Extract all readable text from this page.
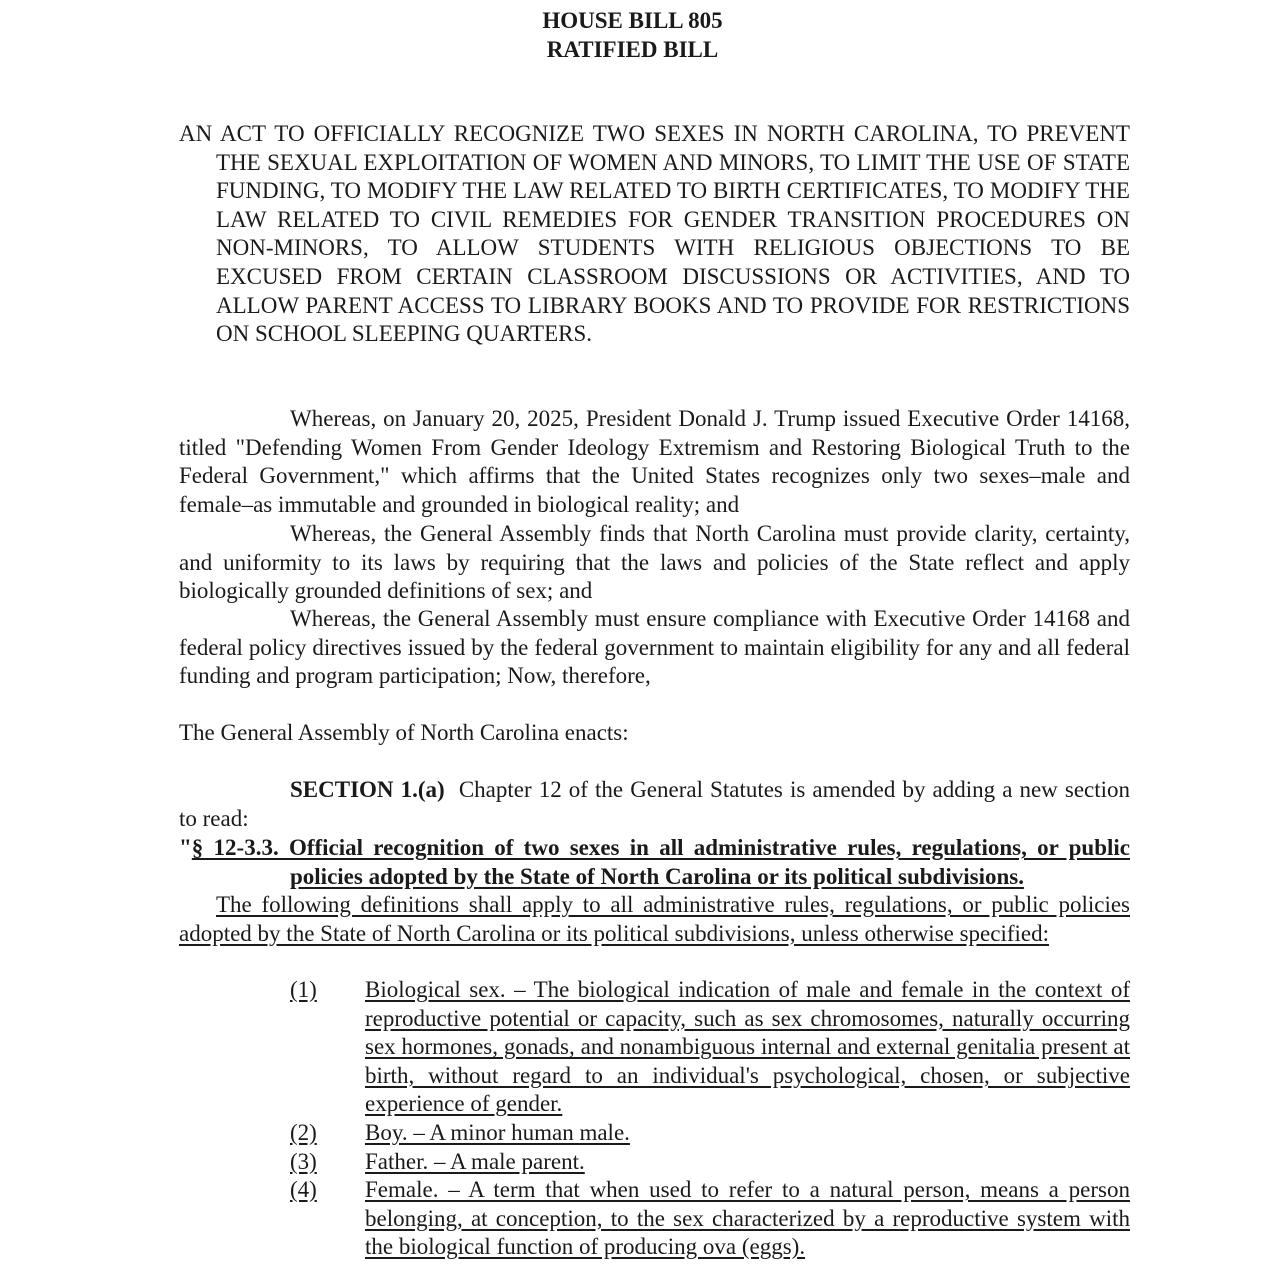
HOUSE BILL 805
RATIFIED BILL
AN ACT TO OFFICIALLY RECOGNIZE TWO SEXES IN NORTH CAROLINA, TO PREVENT THE SEXUAL EXPLOITATION OF WOMEN AND MINORS, TO LIMIT THE USE OF STATE FUNDING, TO MODIFY THE LAW RELATED TO BIRTH CERTIFICATES, TO MODIFY THE LAW RELATED TO CIVIL REMEDIES FOR GENDER TRANSITION PROCEDURES ON NON-MINORS, TO ALLOW STUDENTS WITH RELIGIOUS OBJECTIONS TO BE EXCUSED FROM CERTAIN CLASSROOM DISCUSSIONS OR ACTIVITIES, AND TO ALLOW PARENT ACCESS TO LIBRARY BOOKS AND TO PROVIDE FOR RESTRICTIONS ON SCHOOL SLEEPING QUARTERS.
Whereas, on January 20, 2025, President Donald J. Trump issued Executive Order 14168, titled "Defending Women From Gender Ideology Extremism and Restoring Biological Truth to the Federal Government," which affirms that the United States recognizes only two sexes–male and female–as immutable and grounded in biological reality; and
Whereas, the General Assembly finds that North Carolina must provide clarity, certainty, and uniformity to its laws by requiring that the laws and policies of the State reflect and apply biologically grounded definitions of sex; and
Whereas, the General Assembly must ensure compliance with Executive Order 14168 and federal policy directives issued by the federal government to maintain eligibility for any and all federal funding and program participation; Now, therefore,
The General Assembly of North Carolina enacts:
SECTION 1.(a) Chapter 12 of the General Statutes is amended by adding a new section to read:
"§ 12-3.3. Official recognition of two sexes in all administrative rules, regulations, or public policies adopted by the State of North Carolina or its political subdivisions.
The following definitions shall apply to all administrative rules, regulations, or public policies adopted by the State of North Carolina or its political subdivisions, unless otherwise specified:
(1)	Biological sex. – The biological indication of male and female in the context of reproductive potential or capacity, such as sex chromosomes, naturally occurring sex hormones, gonads, and nonambiguous internal and external genitalia present at birth, without regard to an individual's psychological, chosen, or subjective experience of gender.
(2)	Boy. – A minor human male.
(3)	Father. – A male parent.
(4)	Female. – A term that when used to refer to a natural person, means a person belonging, at conception, to the sex characterized by a reproductive system with the biological function of producing ova (eggs).
